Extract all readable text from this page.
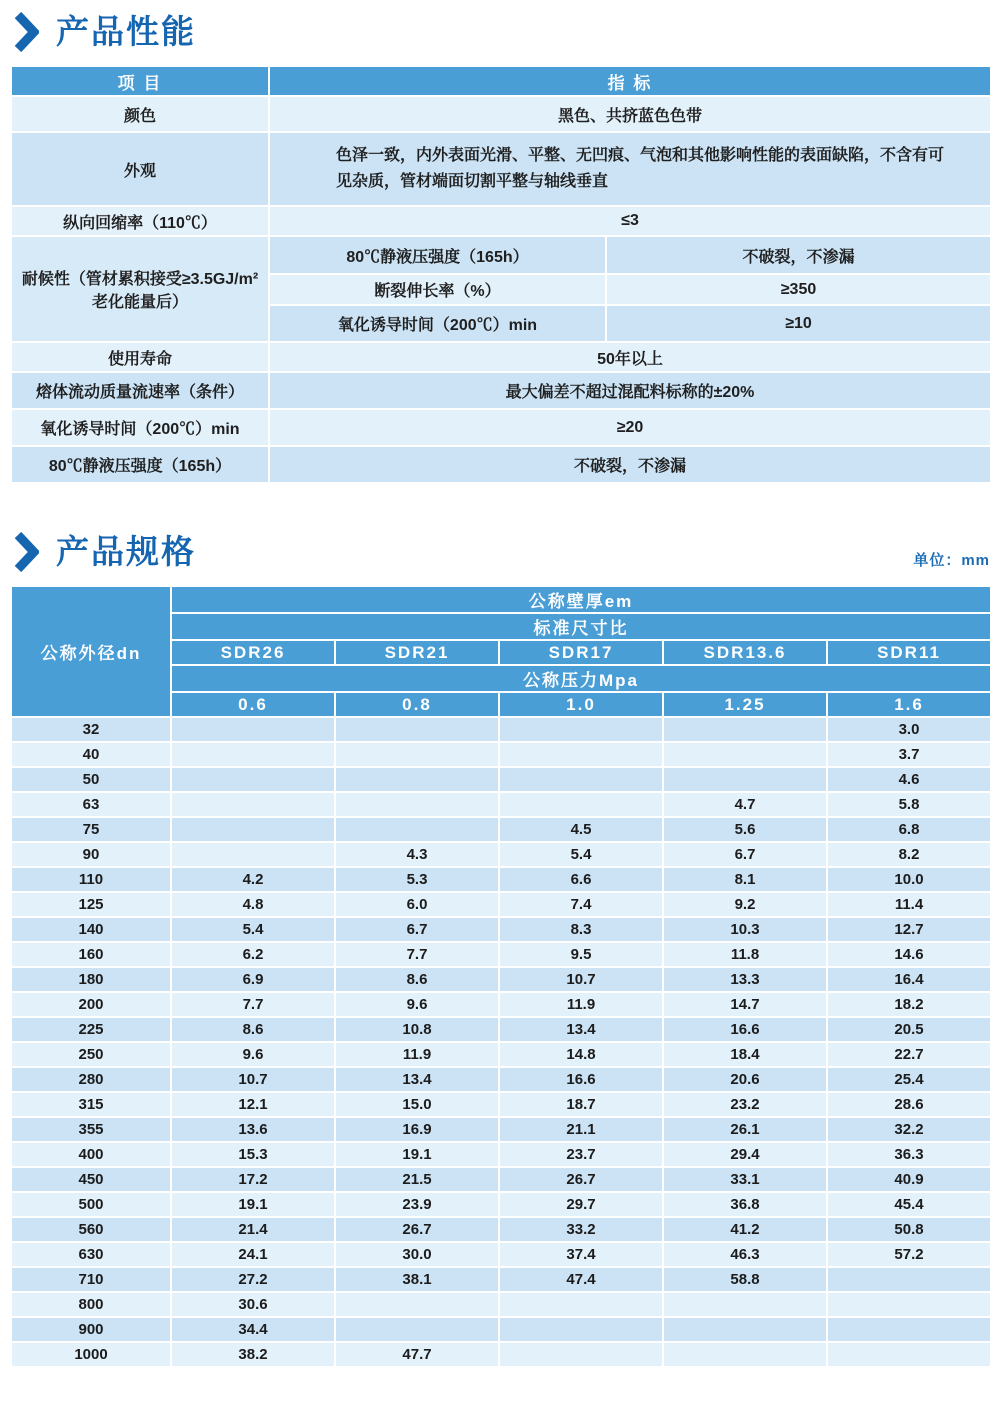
产品性能
项 目	指 标	
颜色	黑色、共挤蓝色色带	
外观	色泽一致，内外表面光滑、平整、无凹痕、气泡和其他影响性能的表面缺陷，不含有可见杂质，管材端面切割平整与轴线垂直	
纵向回缩率（110℃）	≤3	
耐候性（管材累积接受≥3.5GJ/m²老化能量后）	80℃静液压强度（165h）	不破裂，不渗漏
	断裂伸长率（%）	≥350
	氧化诱导时间（200℃）min	≥10
使用寿命	50年以上	
熔体流动质量流速率（条件）	最大偏差不超过混配料标称的±20%	
氧化诱导时间（200℃）min	≥20	
80℃静液压强度（165h）	不破裂，不渗漏	
产品规格	单位：mm
公称外径dn	公称壁厚em				
	标准尺寸比				
	SDR26	SDR21	SDR17	SDR13.6	SDR11
	公称压力Mpa				
	0.6	0.8	1.0	1.25	1.6
32					3.0
40					3.7
50					4.6
63				4.7	5.8
75			4.5	5.6	6.8
90		4.3	5.4	6.7	8.2
110	4.2	5.3	6.6	8.1	10.0
125	4.8	6.0	7.4	9.2	11.4
140	5.4	6.7	8.3	10.3	12.7
160	6.2	7.7	9.5	11.8	14.6
180	6.9	8.6	10.7	13.3	16.4
200	7.7	9.6	11.9	14.7	18.2
225	8.6	10.8	13.4	16.6	20.5
250	9.6	11.9	14.8	18.4	22.7
280	10.7	13.4	16.6	20.6	25.4
315	12.1	15.0	18.7	23.2	28.6
355	13.6	16.9	21.1	26.1	32.2
400	15.3	19.1	23.7	29.4	36.3
450	17.2	21.5	26.7	33.1	40.9
500	19.1	23.9	29.7	36.8	45.4
560	21.4	26.7	33.2	41.2	50.8
630	24.1	30.0	37.4	46.3	57.2
710	27.2	38.1	47.4	58.8	
800	30.6				
900	34.4				
1000	38.2	47.7			
